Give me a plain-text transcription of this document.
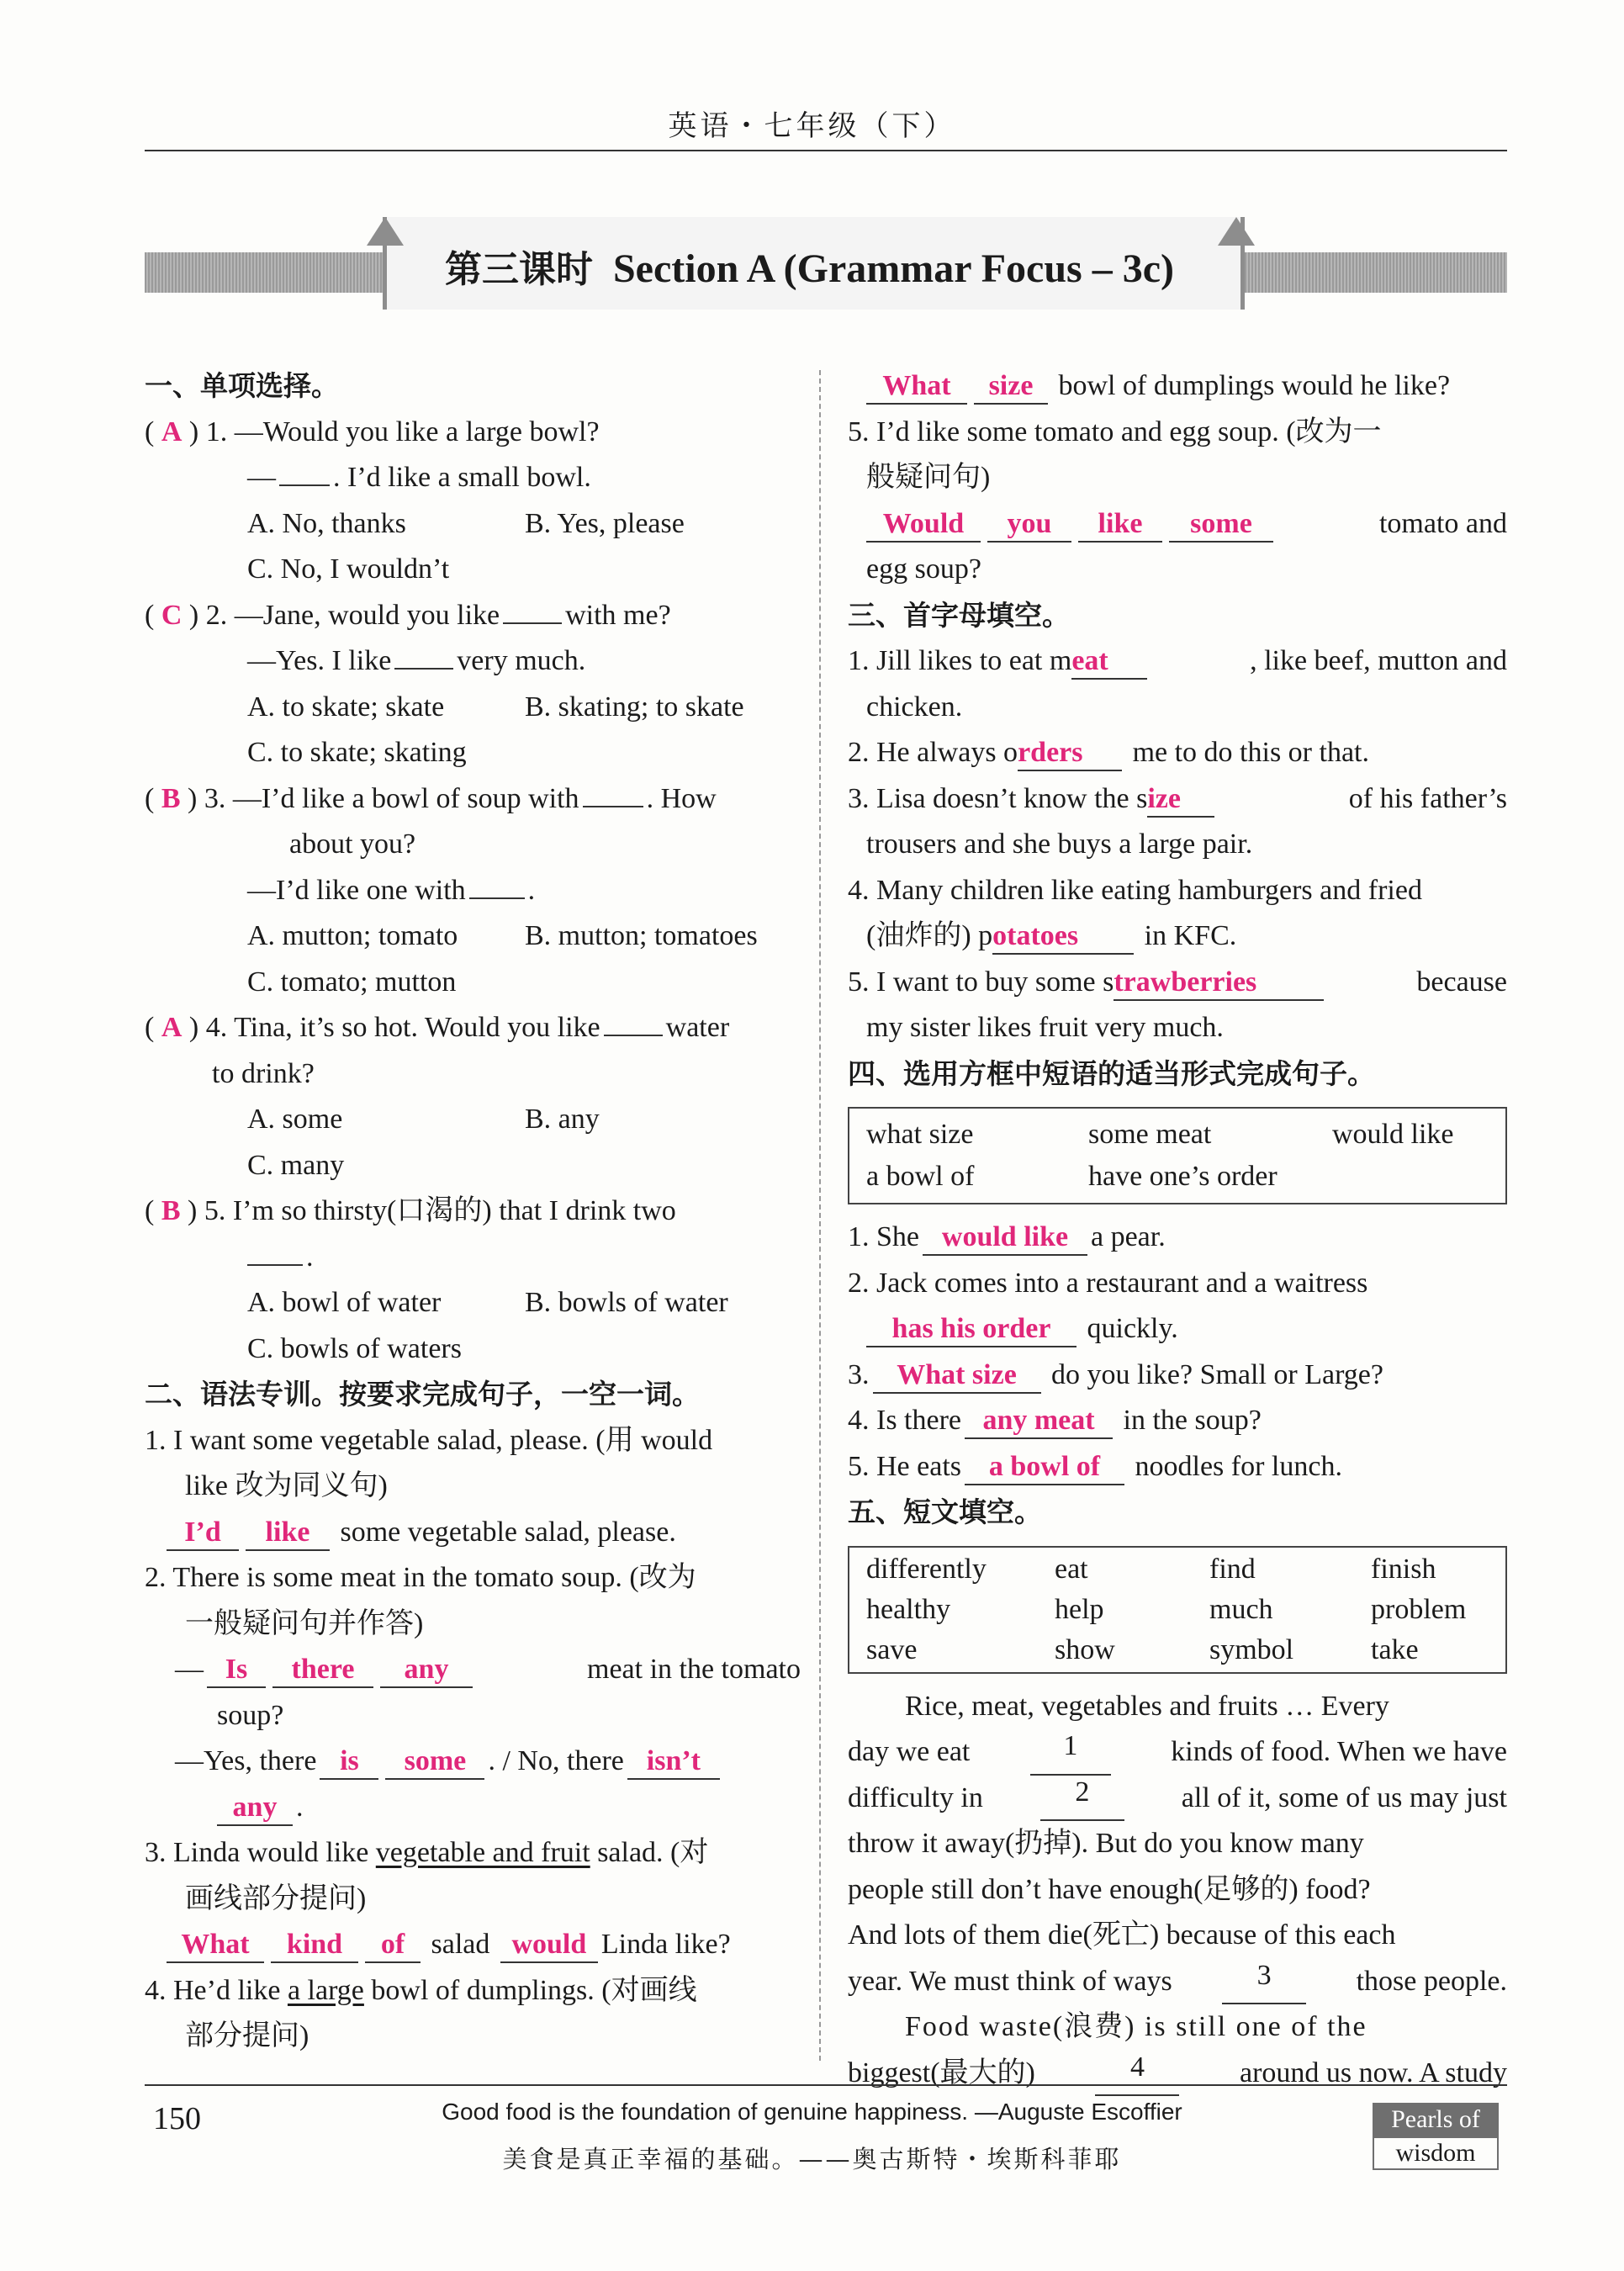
英语・七年级（下）
第三课时 Section A (Grammar Focus – 3c)
一、单项选择。
( A ) 1. —Would you like a large bowl?
— . I’d like a small bowl.
A. No, thanks	B. Yes, please
C. No, I wouldn’t
( C ) 2. —Jane, would you like with me?
—Yes. I like very much.
A. to skate; skate	B. skating; to skate
C. to skate; skating
( B ) 3. —I’d like a bowl of soup with . How
about you?
—I’d like one with .
A. mutton; tomato B. mutton; tomatoes
C. tomato; mutton
( A ) 4. Tina, it’s so hot. Would you like water
to drink?
A. some	B. any
C. many
( B ) 5. I’m so thirsty(口渴的) that I drink two
.
A. bowl of water	B. bowls of water
C. bowls of waters
二、语法专训。按要求完成句子，一空一词。
1. I want some vegetable salad, please. (用 would
like 改为同义句)
I’d like some vegetable salad, please.
2. There is some meat in the tomato soup. (改为
一般疑问句并作答)
— Is there any	meat in the tomato
soup?
—Yes, there is some . / No, there isn’t
any .
3. Linda would like vegetable and fruit salad. (对
画线部分提问)
What kind of salad would Linda like?
4. He’d like a large bowl of dumplings. (对画线
部分提问)
What size bowl of dumplings would he like?
5. I’d like some tomato and egg soup. (改为一
般疑问句)
Would you like some	tomato and
egg soup?
三、首字母填空。
1. Jill likes to eat meat	, like beef, mutton and
chicken.
2. He always orders me to do this or that.
3. Lisa doesn’t know the size	of his father’s
trousers and she buys a large pair.
4. Many children like eating hamburgers and fried
(油炸的) potatoes in KFC.
5. I want to buy some strawberries	because
my sister likes fruit very much.
四、选用方框中短语的适当形式完成句子。
what size	some meat	would like
a bowl of	have one’s order
1. She would like a pear.
2. Jack comes into a restaurant and a waitress
has his order quickly.
3. What size do you like? Small or Large?
4. Is there any meat in the soup?
5. He eats a bowl of noodles for lunch.
五、短文填空。
differently eat	find	finish
healthy	help	much	problem
save	show	symbol	take
Rice, meat, vegetables and fruits … Every
day we eat	1	kinds of food. When we have
difficulty in	2	all of it, some of us may just
throw it away(扔掉). But do you know many
people still don’t have enough(足够的) food?
And lots of them die(死亡) because of this each
year. We must think of ways	3	those people.
Food waste(浪费) is still one of the
biggest(最大的)	4	around us now. A study
150	Good food is the foundation of genuine happiness. —Auguste Escoffier
美食是真正幸福的基础。——奥古斯特・埃斯科菲耶
Pearls of
wisdom
